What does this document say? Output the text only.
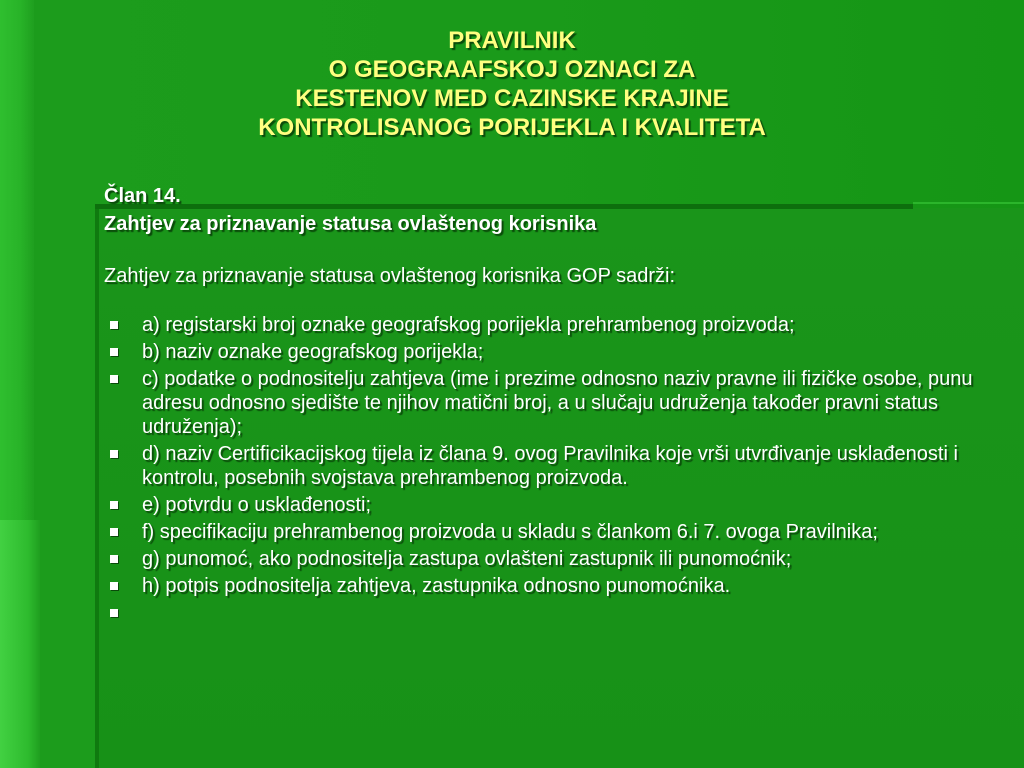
PRAVILNIK
O GEOGRAAFSKOJ OZNACI ZA
KESTENOV MED CAZINSKE KRAJINE
KONTROLISANOG PORIJEKLA I KVALITETA
Član 14.
Zahtjev za priznavanje statusa ovlaštenog korisnika
Zahtjev za priznavanje statusa ovlaštenog korisnika GOP sadrži:
a) registarski broj oznake geografskog porijekla prehrambenog proizvoda;
b) naziv oznake geografskog porijekla;
c) podatke o podnositelju zahtjeva (ime i prezime odnosno naziv pravne ili fizičke osobe, punu adresu odnosno sjedište te njihov matični broj, a u slučaju udruženja također pravni status udruženja);
d) naziv Certificikacijskog tijela iz člana 9. ovog Pravilnika koje vrši utvrđivanje usklađenosti i kontrolu, posebnih svojstava prehrambenog proizvoda.
e) potvrdu o usklađenosti;
f) specifikaciju prehrambenog proizvoda u skladu s člankom 6.i 7. ovoga Pravilnika;
g) punomoć, ako podnositelja zastupa ovlašteni zastupnik ili punomoćnik;
h) potpis podnositelja zahtjeva, zastupnika odnosno punomoćnika.
